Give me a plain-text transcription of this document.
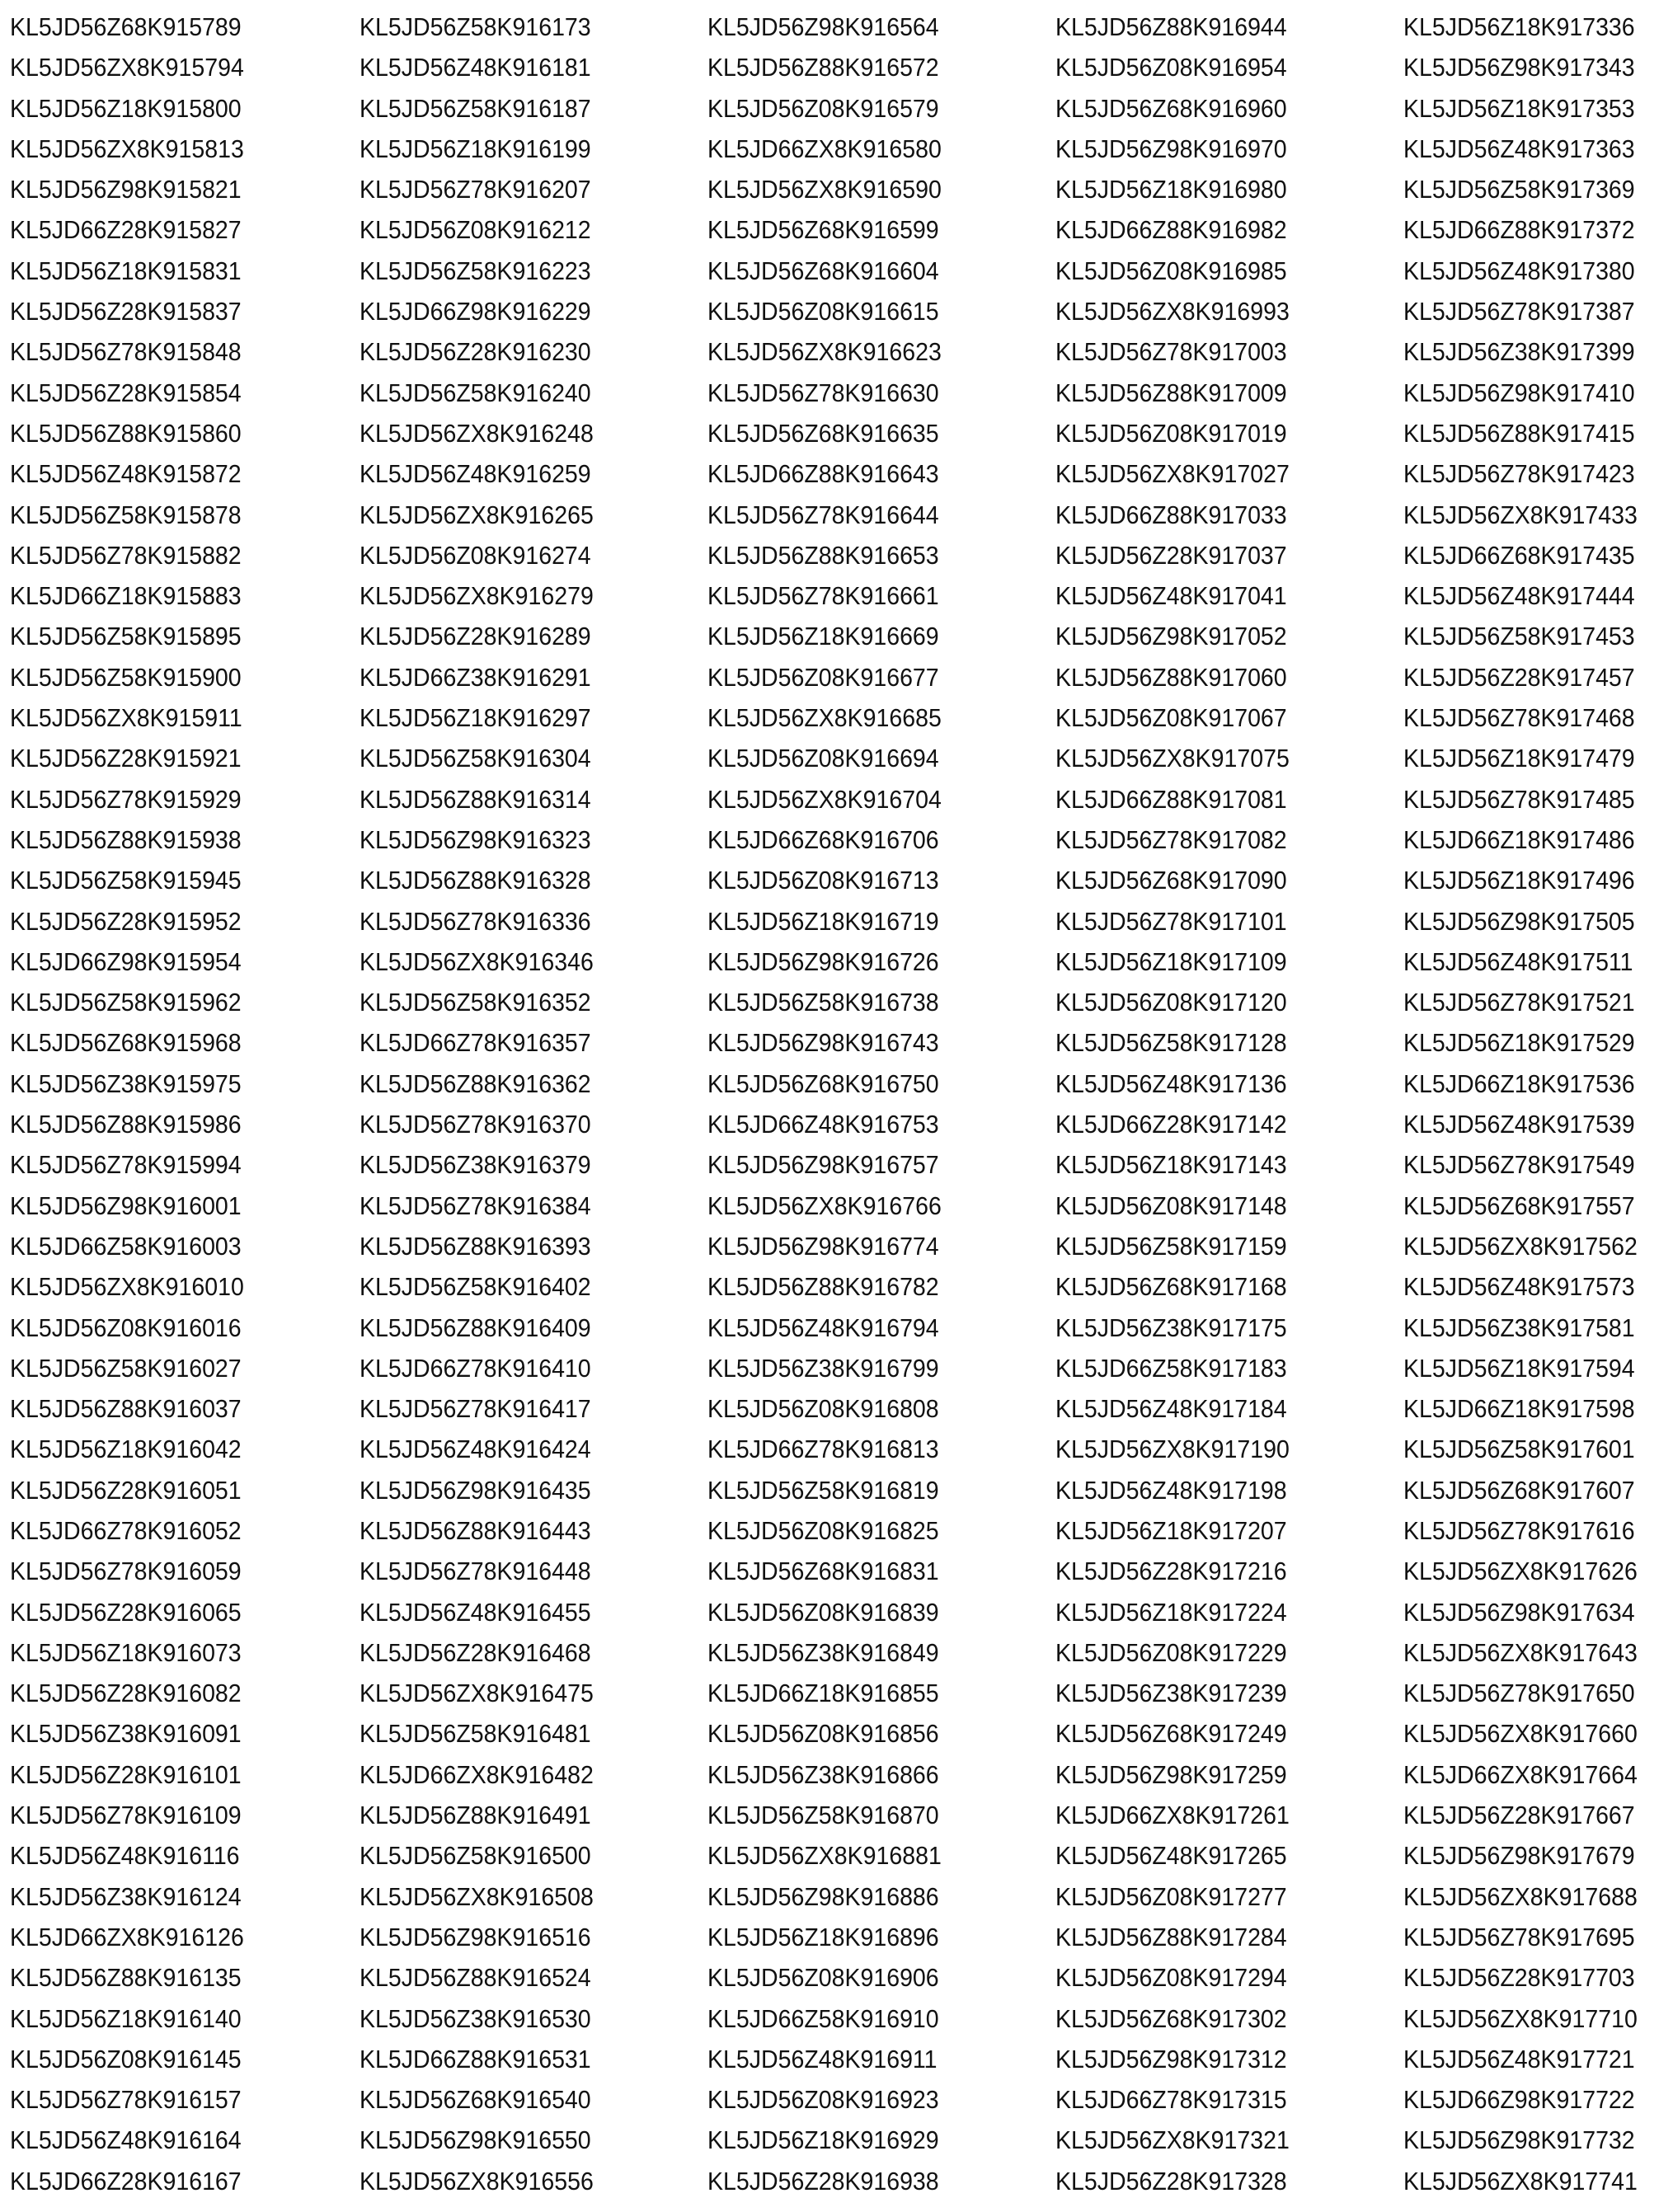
KL5JD56Z68K915789
KL5JD56ZX8K915794
KL5JD56Z18K915800
KL5JD56ZX8K915813
KL5JD56Z98K915821
KL5JD66Z28K915827
KL5JD56Z18K915831
KL5JD56Z28K915837
KL5JD56Z78K915848
KL5JD56Z28K915854
KL5JD56Z88K915860
KL5JD56Z48K915872
KL5JD56Z58K915878
KL5JD56Z78K915882
KL5JD66Z18K915883
KL5JD56Z58K915895
KL5JD56Z58K915900
KL5JD56ZX8K915911
KL5JD56Z28K915921
KL5JD56Z78K915929
KL5JD56Z88K915938
KL5JD56Z58K915945
KL5JD56Z28K915952
KL5JD66Z98K915954
KL5JD56Z58K915962
KL5JD56Z68K915968
KL5JD56Z38K915975
KL5JD56Z88K915986
KL5JD56Z78K915994
KL5JD56Z98K916001
KL5JD66Z58K916003
KL5JD56ZX8K916010
KL5JD56Z08K916016
KL5JD56Z58K916027
KL5JD56Z88K916037
KL5JD56Z18K916042
KL5JD56Z28K916051
KL5JD66Z78K916052
KL5JD56Z78K916059
KL5JD56Z28K916065
KL5JD56Z18K916073
KL5JD56Z28K916082
KL5JD56Z38K916091
KL5JD56Z28K916101
KL5JD56Z78K916109
KL5JD56Z48K916116
KL5JD56Z38K916124
KL5JD66ZX8K916126
KL5JD56Z88K916135
KL5JD56Z18K916140
KL5JD56Z08K916145
KL5JD56Z78K916157
KL5JD56Z48K916164
KL5JD66Z28K916167
KL5JD56Z58K916173
KL5JD56Z48K916181
KL5JD56Z58K916187
KL5JD56Z18K916199
KL5JD56Z78K916207
KL5JD56Z08K916212
KL5JD56Z58K916223
KL5JD66Z98K916229
KL5JD56Z28K916230
KL5JD56Z58K916240
KL5JD56ZX8K916248
KL5JD56Z48K916259
KL5JD56ZX8K916265
KL5JD56Z08K916274
KL5JD56ZX8K916279
KL5JD56Z28K916289
KL5JD66Z38K916291
KL5JD56Z18K916297
KL5JD56Z58K916304
KL5JD56Z88K916314
KL5JD56Z98K916323
KL5JD56Z88K916328
KL5JD56Z78K916336
KL5JD56ZX8K916346
KL5JD56Z58K916352
KL5JD66Z78K916357
KL5JD56Z88K916362
KL5JD56Z78K916370
KL5JD56Z38K916379
KL5JD56Z78K916384
KL5JD56Z88K916393
KL5JD56Z58K916402
KL5JD56Z88K916409
KL5JD66Z78K916410
KL5JD56Z78K916417
KL5JD56Z48K916424
KL5JD56Z98K916435
KL5JD56Z88K916443
KL5JD56Z78K916448
KL5JD56Z48K916455
KL5JD56Z28K916468
KL5JD56ZX8K916475
KL5JD56Z58K916481
KL5JD66ZX8K916482
KL5JD56Z88K916491
KL5JD56Z58K916500
KL5JD56ZX8K916508
KL5JD56Z98K916516
KL5JD56Z88K916524
KL5JD56Z38K916530
KL5JD66Z88K916531
KL5JD56Z68K916540
KL5JD56Z98K916550
KL5JD56ZX8K916556
KL5JD56Z98K916564
KL5JD56Z88K916572
KL5JD56Z08K916579
KL5JD66ZX8K916580
KL5JD56ZX8K916590
KL5JD56Z68K916599
KL5JD56Z68K916604
KL5JD56Z08K916615
KL5JD56ZX8K916623
KL5JD56Z78K916630
KL5JD56Z68K916635
KL5JD66Z88K916643
KL5JD56Z78K916644
KL5JD56Z88K916653
KL5JD56Z78K916661
KL5JD56Z18K916669
KL5JD56Z08K916677
KL5JD56ZX8K916685
KL5JD56Z08K916694
KL5JD56ZX8K916704
KL5JD66Z68K916706
KL5JD56Z08K916713
KL5JD56Z18K916719
KL5JD56Z98K916726
KL5JD56Z58K916738
KL5JD56Z98K916743
KL5JD56Z68K916750
KL5JD66Z48K916753
KL5JD56Z98K916757
KL5JD56ZX8K916766
KL5JD56Z98K916774
KL5JD56Z88K916782
KL5JD56Z48K916794
KL5JD56Z38K916799
KL5JD56Z08K916808
KL5JD66Z78K916813
KL5JD56Z58K916819
KL5JD56Z08K916825
KL5JD56Z68K916831
KL5JD56Z08K916839
KL5JD56Z38K916849
KL5JD66Z18K916855
KL5JD56Z08K916856
KL5JD56Z38K916866
KL5JD56Z58K916870
KL5JD56ZX8K916881
KL5JD56Z98K916886
KL5JD56Z18K916896
KL5JD56Z08K916906
KL5JD66Z58K916910
KL5JD56Z48K916911
KL5JD56Z08K916923
KL5JD56Z18K916929
KL5JD56Z28K916938
KL5JD56Z88K916944
KL5JD56Z08K916954
KL5JD56Z68K916960
KL5JD56Z98K916970
KL5JD56Z18K916980
KL5JD66Z88K916982
KL5JD56Z08K916985
KL5JD56ZX8K916993
KL5JD56Z78K917003
KL5JD56Z88K917009
KL5JD56Z08K917019
KL5JD56ZX8K917027
KL5JD66Z88K917033
KL5JD56Z28K917037
KL5JD56Z48K917041
KL5JD56Z98K917052
KL5JD56Z88K917060
KL5JD56Z08K917067
KL5JD56ZX8K917075
KL5JD66Z88K917081
KL5JD56Z78K917082
KL5JD56Z68K917090
KL5JD56Z78K917101
KL5JD56Z18K917109
KL5JD56Z08K917120
KL5JD56Z58K917128
KL5JD56Z48K917136
KL5JD66Z28K917142
KL5JD56Z18K917143
KL5JD56Z08K917148
KL5JD56Z58K917159
KL5JD56Z68K917168
KL5JD56Z38K917175
KL5JD66Z58K917183
KL5JD56Z48K917184
KL5JD56ZX8K917190
KL5JD56Z48K917198
KL5JD56Z18K917207
KL5JD56Z28K917216
KL5JD56Z18K917224
KL5JD56Z08K917229
KL5JD56Z38K917239
KL5JD56Z68K917249
KL5JD56Z98K917259
KL5JD66ZX8K917261
KL5JD56Z48K917265
KL5JD56Z08K917277
KL5JD56Z88K917284
KL5JD56Z08K917294
KL5JD56Z68K917302
KL5JD56Z98K917312
KL5JD66Z78K917315
KL5JD56ZX8K917321
KL5JD56Z28K917328
KL5JD56Z18K917336
KL5JD56Z98K917343
KL5JD56Z18K917353
KL5JD56Z48K917363
KL5JD56Z58K917369
KL5JD66Z88K917372
KL5JD56Z48K917380
KL5JD56Z78K917387
KL5JD56Z38K917399
KL5JD56Z98K917410
KL5JD56Z88K917415
KL5JD56Z78K917423
KL5JD56ZX8K917433
KL5JD66Z68K917435
KL5JD56Z48K917444
KL5JD56Z58K917453
KL5JD56Z28K917457
KL5JD56Z78K917468
KL5JD56Z18K917479
KL5JD56Z78K917485
KL5JD66Z18K917486
KL5JD56Z18K917496
KL5JD56Z98K917505
KL5JD56Z48K917511
KL5JD56Z78K917521
KL5JD56Z18K917529
KL5JD66Z18K917536
KL5JD56Z48K917539
KL5JD56Z78K917549
KL5JD56Z68K917557
KL5JD56ZX8K917562
KL5JD56Z48K917573
KL5JD56Z38K917581
KL5JD56Z18K917594
KL5JD66Z18K917598
KL5JD56Z58K917601
KL5JD56Z68K917607
KL5JD56Z78K917616
KL5JD56ZX8K917626
KL5JD56Z98K917634
KL5JD56ZX8K917643
KL5JD56Z78K917650
KL5JD56ZX8K917660
KL5JD66ZX8K917664
KL5JD56Z28K917667
KL5JD56Z98K917679
KL5JD56ZX8K917688
KL5JD56Z78K917695
KL5JD56Z28K917703
KL5JD56ZX8K917710
KL5JD56Z48K917721
KL5JD66Z98K917722
KL5JD56Z98K917732
KL5JD56ZX8K917741
